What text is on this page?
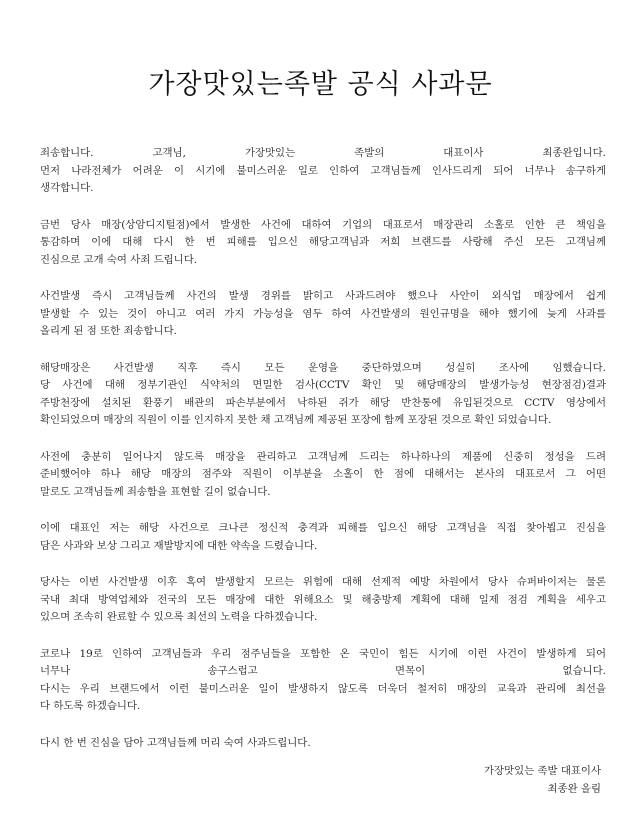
가장맛있는족발 공식 사과문
죄송합니다. 고객님, 가장맛있는 족발의 대표이사 최종완입니다.
먼저 나라전체가 어려운 이 시기에 불미스러운 일로 인하여 고객님들께 인사드리게 되어 너무나 송구하게
생각합니다.
금번 당사 매장(상암디지털점)에서 발생한 사건에 대하여 기업의 대표로서 매장관리 소홀로 인한 큰 책임을
통감하며 이에 대해 다시 한 번 피해를 입으신 해당고객님과 저희 브랜드를 사랑해 주신 모든 고객님께
진심으로 고개 숙여 사죄 드립니다.
사건발생 즉시 고객님들께 사건의 발생 경위를 밝히고 사과드려야 했으나 사안이 외식업 매장에서 쉽게
발생할 수 있는 것이 아니고 여러 가지 가능성을 염두 하여 사건발생의 원인규명을 해야 했기에 늦게 사과를
올리게 된 점 또한 죄송합니다.
해당매장은 사건발생 직후 즉시 모든 운영을 중단하였으며 성실히 조사에 임했습니다.
당 사건에 대해 정부기관인 식약처의 면밀한 검사(CCTV 확인 및 해당매장의 발생가능성 현장점검)결과
주방천장에 설치된 환풍기 배관의 파손부분에서 낙하된 쥐가 해당 반찬통에 유입된것으로 CCTV 영상에서
확인되었으며 매장의 직원이 이를 인지하지 못한 채 고객님께 제공된 포장에 함께 포장된 것으로 확인 되었습니다.
사전에 충분히 일어나지 않도록 매장을 관리하고 고객님께 드리는 하나하나의 제품에 신중히 정성을 드려
준비했어야 하나 해당 매장의 점주와 직원이 이부분을 소홀이 한 점에 대해서는 본사의 대표로서 그 어떤
말로도 고객님들께 죄송함을 표현할 길이 없습니다.
이에 대표인 저는 해당 사건으로 크나큰 정신적 충격과 피해를 입으신 해당 고객님을 직접 찾아뵙고 진심을
담은 사과와 보상 그리고 재발방지에 대한 약속을 드렸습니다.
당사는 이번 사건발생 이후 혹여 발생할지 모르는 위험에 대해 선제적 예방 차원에서 당사 슈퍼바이저는 물론
국내 최대 방역업체와 전국의 모든 매장에 대한 위해요소 및 해충방제 계획에 대해 일제 점검 계획을 세우고
있으며 조속히 완료할 수 있으록 최선의 노력을 다하겠습니다.
코로나 19로 인하여 고객님들과 우리 점주님들을 포함한 온 국민이 힘든 시기에 이런 사건이 발생하게 되어
너무나 송구스럽고 면목이 없습니다.
다시는 우리 브랜드에서 이런 불미스러운 일이 발생하지 않도록 더욱더 철저히 매장의 교육과 관리에 최선을
다 하도록 하겠습니다.
다시 한 번 진심을 담아 고객님들께 머리 숙여 사과드립니다.
가장맛있는 족발 대표이사
최종완 올림
